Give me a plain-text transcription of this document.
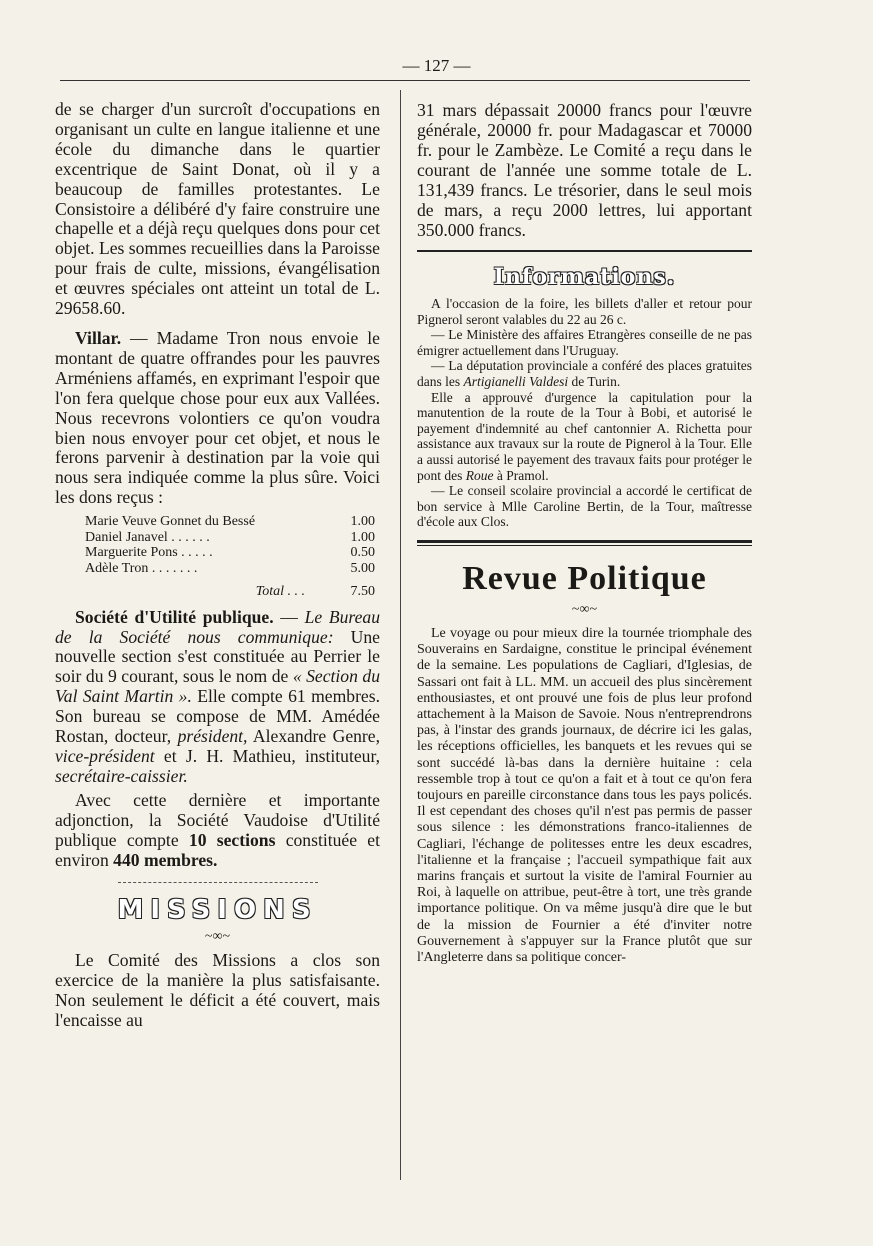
— 127 —

de se charger d'un surcroît d'occupations en organisant un culte en langue italienne et une école du dimanche dans le quartier excentrique de Saint Donat, où il y a beaucoup de familles protestantes. Le Consistoire a délibéré d'y faire construire une chapelle et a déjà reçu quelques dons pour cet objet. Les sommes recueillies dans la Paroisse pour frais de culte, missions, évangélisation et œuvres spéciales ont atteint un total de L. 29658.60.

Villar. — Madame Tron nous envoie le montant de quatre offrandes pour les pauvres Arméniens affamés, en exprimant l'espoir que l'on fera quelque chose pour eux aux Vallées. Nous recevrons volontiers ce qu'on voudra bien nous envoyer pour cet objet, et nous le ferons parvenir à destination par la voie qui nous sera indiquée comme la plus sûre. Voici les dons reçus :

Marie Veuve Gonnet du Bessé	1.00
Daniel Janavel . . . . . .	1.00
Marguerite Pons . . . . .	0.50
Adèle Tron . . . . . . .	5.00
Total . . .	7.50

Société d'Utilité publique. — Le Bureau de la Société nous communique: Une nouvelle section s'est constituée au Perrier le soir du 9 courant, sous le nom de « Section du Val Saint Martin ». Elle compte 61 membres. Son bureau se compose de MM. Amédée Rostan, docteur, président, Alexandre Genre, vice-président et J. H. Mathieu, instituteur, secrétaire-caissier.

Avec cette dernière et importante adjonction, la Société Vaudoise d'Utilité publique compte 10 sections constituée et environ 440 membres.

MISSIONS
~∞~

Le Comité des Missions a clos son exercice de la manière la plus satisfaisante. Non seulement le déficit a été couvert, mais l'encaisse au

31 mars dépassait 20000 francs pour l'œuvre générale, 20000 fr. pour Madagascar et 70000 fr. pour le Zambèze. Le Comité a reçu dans le courant de l'année une somme totale de L. 131,439 francs. Le trésorier, dans le seul mois de mars, a reçu 2000 lettres, lui apportant 350.000 francs.

Informations.

A l'occasion de la foire, les billets d'aller et retour pour Pignerol seront valables du 22 au 26 c.

— Le Ministère des affaires Etrangères conseille de ne pas émigrer actuellement dans l'Uruguay.

— La députation provinciale a conféré des places gratuites dans les Artigianelli Valdesi de Turin.

Elle a approuvé d'urgence la capitulation pour la manutention de la route de la Tour à Bobi, et autorisé le payement d'indemnité au chef cantonnier A. Richetta pour assistance aux travaux sur la route de Pignerol à la Tour. Elle a aussi autorisé le payement des travaux faits pour protéger le pont des Roue à Pramol.

— Le conseil scolaire provincial a accordé le certificat de bon service à Mlle Caroline Bertin, de la Tour, maîtresse d'école aux Clos.

Revue Politique
~∞~

Le voyage ou pour mieux dire la tournée triomphale des Souverains en Sardaigne, constitue le principal événement de la semaine. Les populations de Cagliari, d'Iglesias, de Sassari ont fait à LL. MM. un accueil des plus sincèrement enthousiastes, et ont prouvé une fois de plus leur profond attachement à la Maison de Savoie. Nous n'entreprendrons pas, à l'instar des grands journaux, de décrire ici les galas, les réceptions officielles, les banquets et les revues qui se sont succédé là-bas dans la dernière huitaine : cela ressemble trop à tout ce qu'on a fait et à tout ce qu'on fera toujours en pareille circonstance dans tous les pays policés. Il est cependant des choses qu'il n'est pas permis de passer sous silence : les démonstrations franco-italiennes de Cagliari, l'échange de politesses entre les deux escadres, l'italienne et la française ; l'accueil sympathique fait aux marins français et surtout la visite de l'amiral Fournier au Roi, à laquelle on attribue, peut-être à tort, une très grande importance politique. On va même jusqu'à dire que le but de la mission de Fournier a été d'inviter notre Gouvernement à s'appuyer sur la France plutôt que sur l'Angleterre dans sa politique concer-
